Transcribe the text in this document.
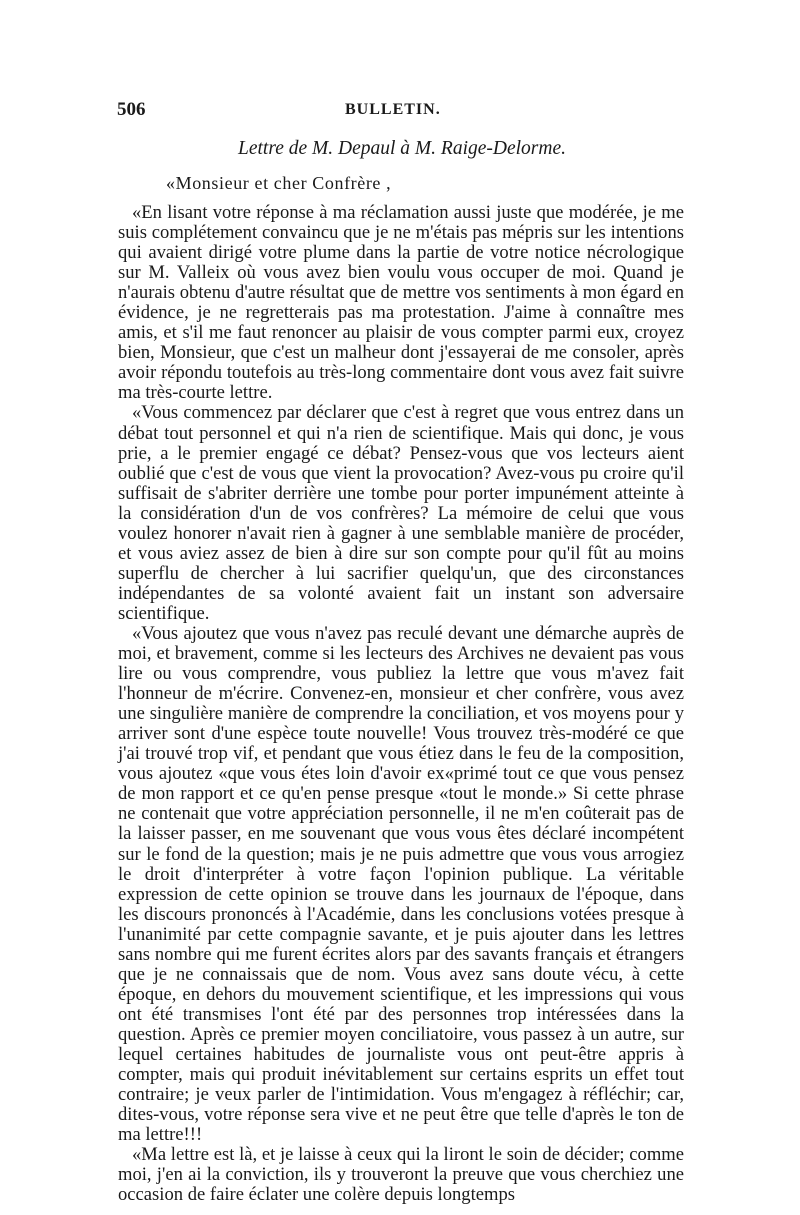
506	BULLETIN.
Lettre de M. Depaul à M. Raige-Delorme.
«Monsieur et cher Confrère ,

«En lisant votre réponse à ma réclamation aussi juste que modérée, je me suis complétement convaincu que je ne m'étais pas mépris sur les intentions qui avaient dirigé votre plume dans la partie de votre notice nécrologique sur M. Valleix où vous avez bien voulu vous occuper de moi. Quand je n'aurais obtenu d'autre résultat que de mettre vos sentiments à mon égard en évidence, je ne regretterais pas ma protestation. J'aime à connaître mes amis, et s'il me faut renoncer au plaisir de vous compter parmi eux, croyez bien, Monsieur, que c'est un malheur dont j'essayerai de me consoler, après avoir répondu toutefois au très-long commentaire dont vous avez fait suivre ma très-courte lettre.

«Vous commencez par déclarer que c'est à regret que vous entrez dans un débat tout personnel et qui n'a rien de scientifique. Mais qui donc, je vous prie, a le premier engagé ce débat? Pensez-vous que vos lecteurs aient oublié que c'est de vous que vient la provocation? Avez-vous pu croire qu'il suffisait de s'abriter derrière une tombe pour porter impunément atteinte à la considération d'un de vos confrères? La mémoire de celui que vous voulez honorer n'avait rien à gagner à une semblable manière de procéder, et vous aviez assez de bien à dire sur son compte pour qu'il fût au moins superflu de chercher à lui sacrifier quelqu'un, que des circonstances indépendantes de sa volonté avaient fait un instant son adversaire scientifique.

«Vous ajoutez que vous n'avez pas reculé devant une démarche auprès de moi, et bravement, comme si les lecteurs des Archives ne devaient pas vous lire ou vous comprendre, vous publiez la lettre que vous m'avez fait l'honneur de m'écrire. Convenez-en, monsieur et cher confrère, vous avez une singulière manière de comprendre la conciliation, et vos moyens pour y arriver sont d'une espèce toute nouvelle! Vous trouvez très-modéré ce que j'ai trouvé trop vif, et pendant que vous étiez dans le feu de la composition, vous ajoutez «que vous étes loin d'avoir ex«primé tout ce que vous pensez de mon rapport et ce qu'en pense presque «tout le monde.» Si cette phrase ne contenait que votre appréciation personnelle, il ne m'en coûterait pas de la laisser passer, en me souvenant que vous vous êtes déclaré incompétent sur le fond de la question; mais je ne puis admettre que vous vous arrogiez le droit d'interpréter à votre façon l'opinion publique. La véritable expression de cette opinion se trouve dans les journaux de l'époque, dans les discours prononcés à l'Académie, dans les conclusions votées presque à l'unanimité par cette compagnie savante, et je puis ajouter dans les lettres sans nombre qui me furent écrites alors par des savants français et étrangers que je ne connaissais que de nom. Vous avez sans doute vécu, à cette époque, en dehors du mouvement scientifique, et les impressions qui vous ont été transmises l'ont été par des personnes trop intéressées dans la question. Après ce premier moyen conciliatoire, vous passez à un autre, sur lequel certaines habitudes de journaliste vous ont peut-être appris à compter, mais qui produit inévitablement sur certains esprits un effet tout contraire; je veux parler de l'intimidation. Vous m'engagez à réfléchir; car, dites-vous, votre réponse sera vive et ne peut être que telle d'après le ton de ma lettre!!!

«Ma lettre est là, et je laisse à ceux qui la liront le soin de décider; comme moi, j'en ai la conviction, ils y trouveront la preuve que vous cherchiez une occasion de faire éclater une colère depuis longtemps
